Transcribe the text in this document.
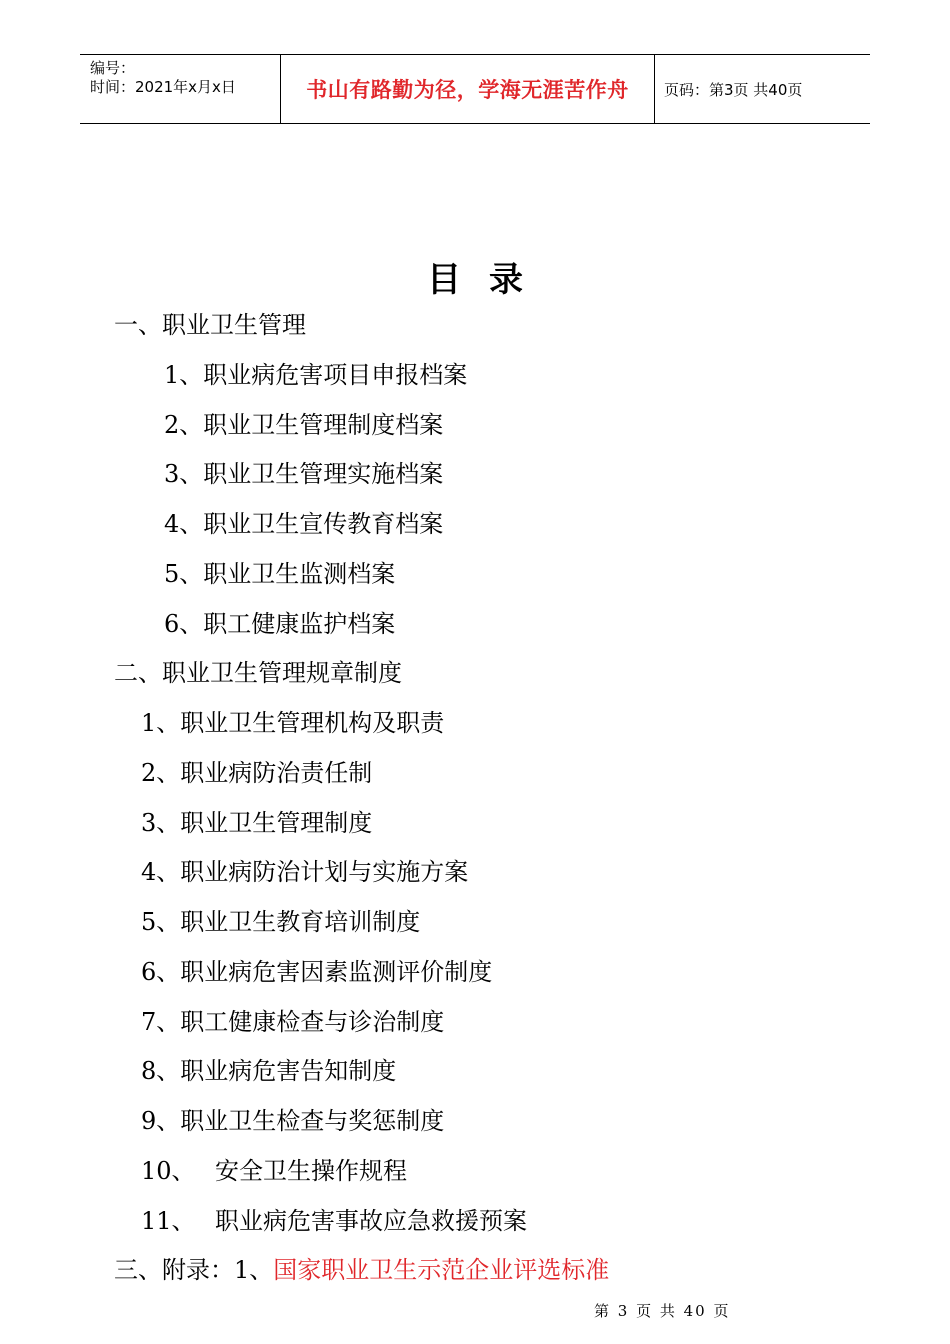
编号：
时间：2021年x月x日	书山有路勤为径，学海无涯苦作舟	页码：第3页 共40页
目录
一、职业卫生管理
1、职业病危害项目申报档案
2、职业卫生管理制度档案
3、职业卫生管理实施档案
4、职业卫生宣传教育档案
5、职业卫生监测档案
6、职工健康监护档案
二、职业卫生管理规章制度
1、职业卫生管理机构及职责
2、职业病防治责任制
3、职业卫生管理制度
4、职业病防治计划与实施方案
5、职业卫生教育培训制度
6、职业病危害因素监测评价制度
7、职工健康检查与诊治制度
8、职业病危害告知制度
9、职业卫生检查与奖惩制度
10、 安全卫生操作规程
11、 职业病危害事故应急救援预案
三、附录：1、国家职业卫生示范企业评选标准
第 3 页 共 40 页
